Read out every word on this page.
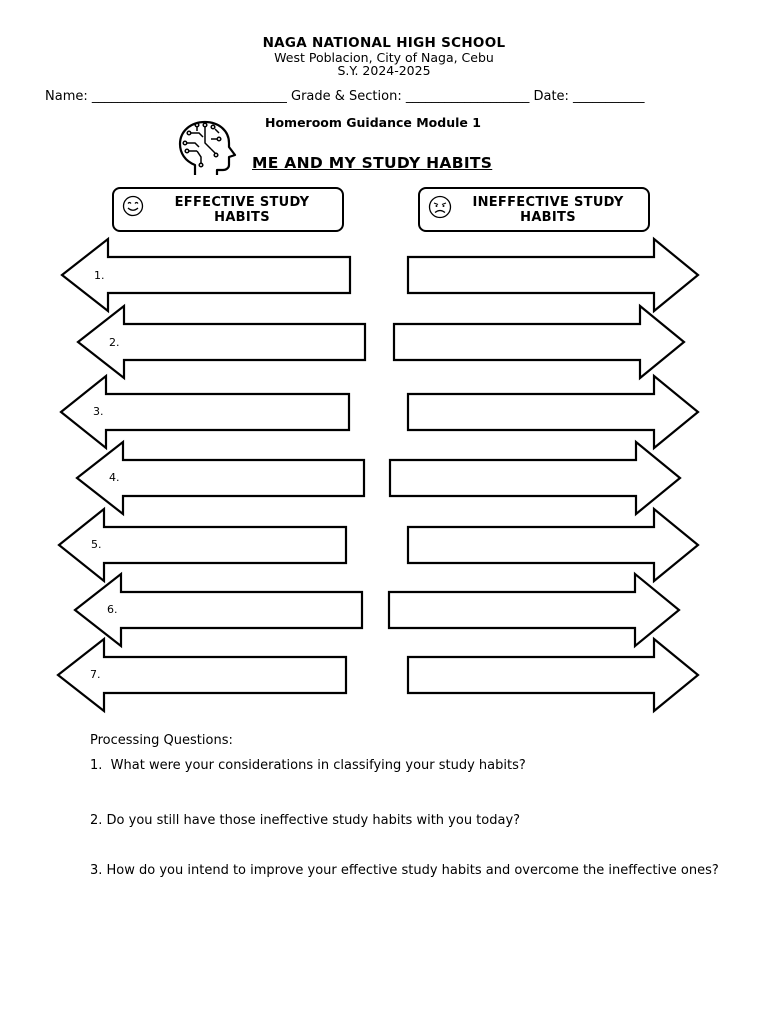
NAGA NATIONAL HIGH SCHOOL
West Poblacion, City of Naga, Cebu
S.Y. 2024-2025
Name: ______________________________ Grade & Section: ___________________ Date: ___________
Homeroom Guidance Module 1
ME AND MY STUDY HABITS
EFFECTIVE STUDY
HABITS
INEFFECTIVE STUDY
HABITS
1.
2.
3.
4.
5.
6.
7.
Processing Questions:
1.  What were your considerations in classifying your study habits?
2. Do you still have those ineffective study habits with you today?
3. How do you intend to improve your effective study habits and overcome the ineffective ones?
